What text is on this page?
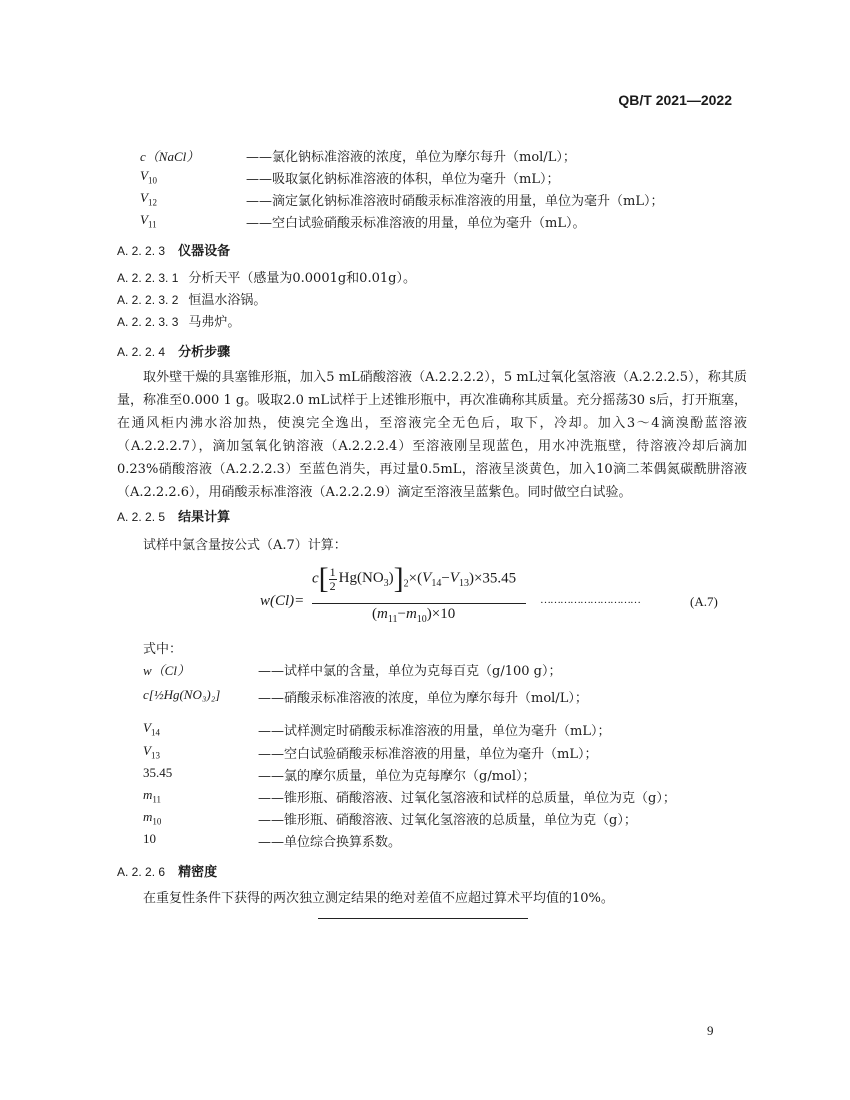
QB/T 2021—2022
c（NaCl）	——氯化钠标准溶液的浓度，单位为摩尔每升（mol/L）；
$V_{10}$	——吸取氯化钠标准溶液的体积，单位为毫升（mL）；
$V_{12}$	——滴定氯化钠标准溶液时硝酸汞标准溶液的用量，单位为毫升（mL）；
$V_{11}$	——空白试验硝酸汞标准溶液的用量，单位为毫升（mL）。
A. 2. 2. 3 仪器设备
A. 2. 2. 3. 1 分析天平（感量为0.0001g和0.01g）。
A. 2. 2. 3. 2 恒温水浴锅。
A. 2. 2. 3. 3 马弗炉。
A. 2. 2. 4 分析步骤
取外壁干燥的具塞锥形瓶，加入5 mL硝酸溶液（A.2.2.2.2），5 mL过氧化氢溶液（A.2.2.2.5），称其质量，称准至0.000 1 g。吸取2.0 mL试样于上述锥形瓶中，再次准确称其质量。充分摇荡30 s后，打开瓶塞，在通风柜内沸水浴加热，使溴完全逸出，至溶液完全无色后，取下，冷却。加入3～4滴溴酚蓝溶液（A.2.2.2.7），滴加氢氧化钠溶液（A.2.2.2.4）至溶液刚呈现蓝色，用水冲洗瓶壁，待溶液冷却后滴加0.23%硝酸溶液（A.2.2.2.3）至蓝色消失，再过量0.5mL，溶液呈淡黄色，加入10滴二苯偶氮碳酰肼溶液（A.2.2.2.6），用硝酸汞标准溶液（A.2.2.2.9）滴定至溶液呈蓝紫色。同时做空白试验。
A. 2. 2. 5 结果计算
试样中氯含量按公式（A.7）计算：
w(Cl)=
$c[ \frac{1}{2} Hg(NO_3)]_2\times(V_{14}-V_{13})\times 35.45$
$(m_{11}-m_{10})\times 10$
…………………………	(A.7)
式中：
w（Cl）	——试样中氯的含量，单位为克每百克（g/100 g）；
c[½Hg(NO₃)₂]	——硝酸汞标准溶液的浓度，单位为摩尔每升（mol/L）；
$V_{14}$	——试样测定时硝酸汞标准溶液的用量，单位为毫升（mL）；
$V_{13}$	——空白试验硝酸汞标准溶液的用量，单位为毫升（mL）；
35.45	——氯的摩尔质量，单位为克每摩尔（g/mol）；
$m_{11}$	——锥形瓶、硝酸溶液、过氧化氢溶液和试样的总质量，单位为克（g）；
$m_{10}$	——锥形瓶、硝酸溶液、过氧化氢溶液的总质量，单位为克（g）；
10	——单位综合换算系数。
A. 2. 2. 6 精密度
在重复性条件下获得的两次独立测定结果的绝对差值不应超过算术平均值的10%。
9
